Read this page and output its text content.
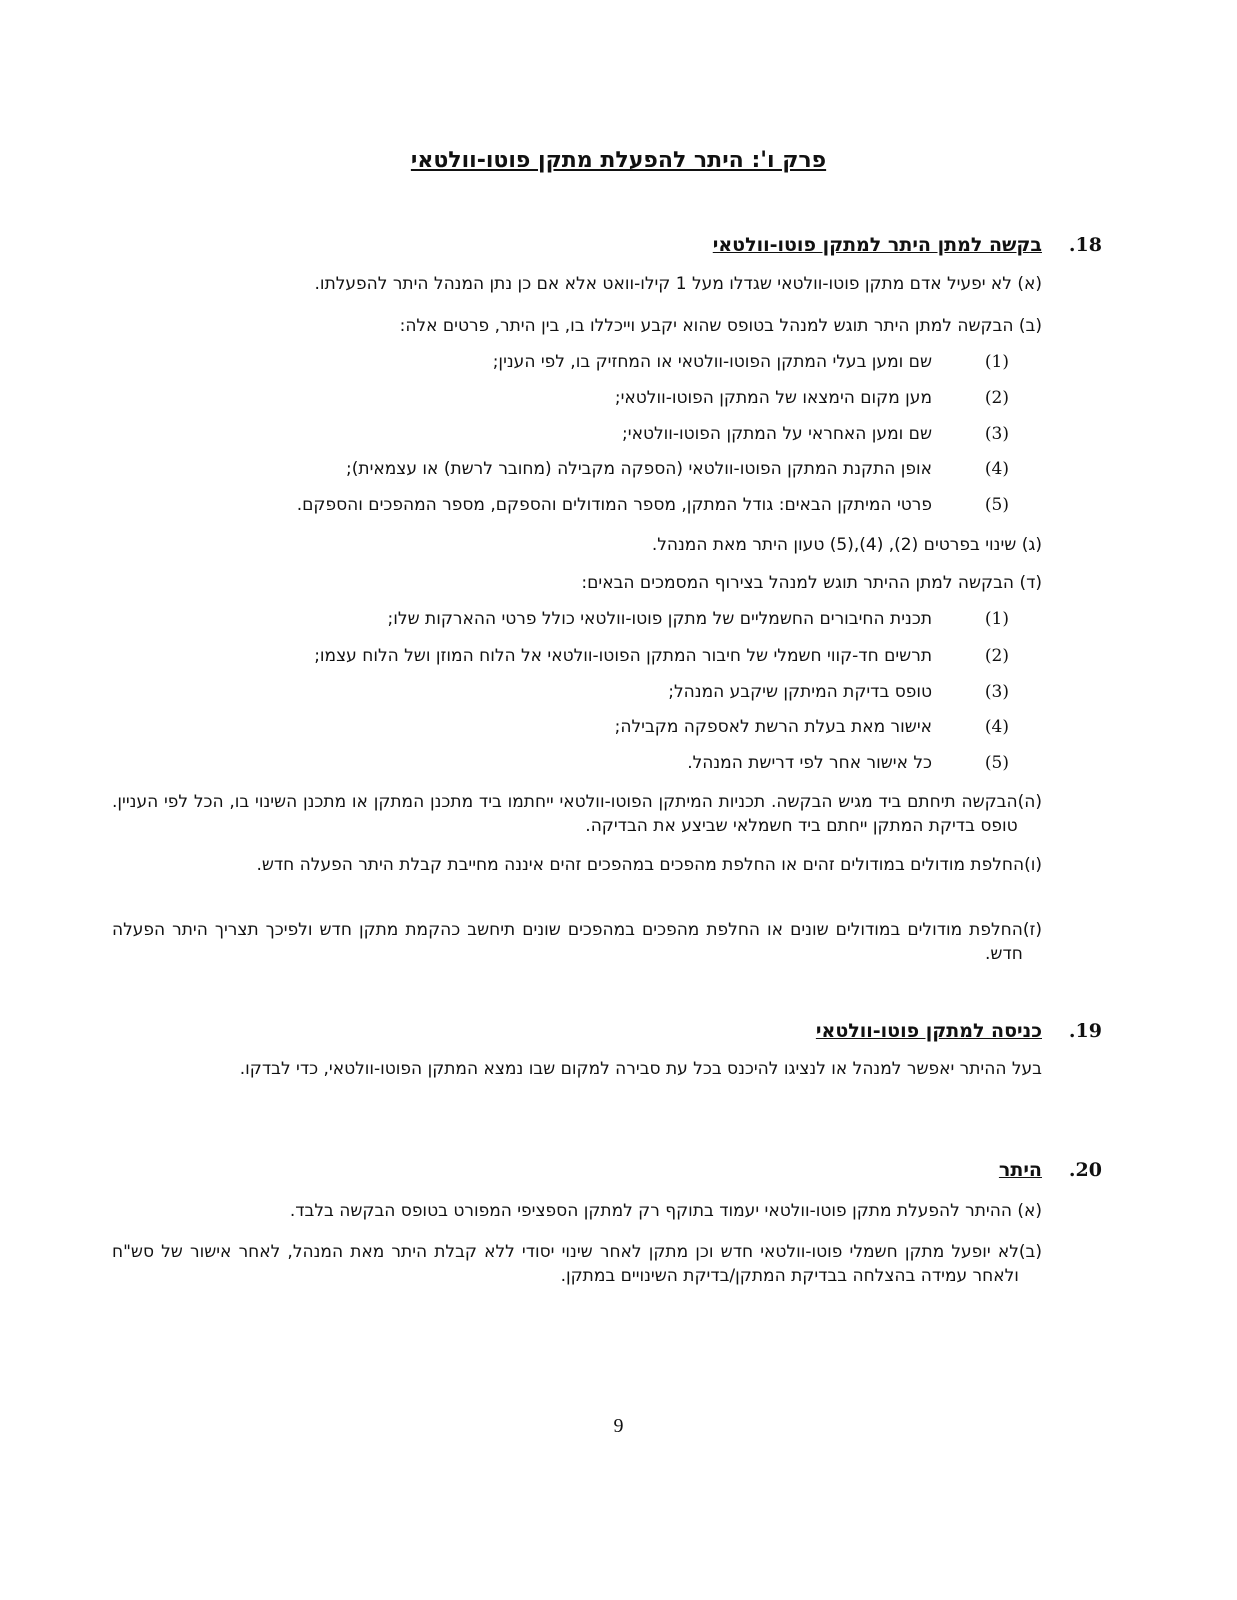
פרק ו': היתר להפעלת מתקן פוטו-וולטאי
18.
בקשה למתן היתר למתקן פוטו-וולטאי
(א) לא יפעיל אדם מתקן פוטו-וולטאי שגדלו מעל 1 קילו-וואט אלא אם כן נתן המנהל היתר להפעלתו.
(ב) הבקשה למתן היתר תוגש למנהל בטופס שהוא יקבע וייכללו בו, בין היתר, פרטים אלה:
(1)
שם ומען בעלי המתקן הפוטו-וולטאי או המחזיק בו, לפי הענין;
(2)
מען מקום הימצאו של המתקן הפוטו-וולטאי;
(3)
שם ומען האחראי על המתקן הפוטו-וולטאי;
(4)
אופן התקנת המתקן הפוטו-וולטאי (הספקה מקבילה (מחובר לרשת) או עצמאית);
(5)
פרטי המיתקן הבאים: גודל המתקן, מספר המודולים והספקם, מספר המהפכים והספקם.
(ג) שינוי בפרטים (2), (4),(5) טעון היתר מאת המנהל.
(ד) הבקשה למתן ההיתר תוגש למנהל בצירוף המסמכים הבאים:
(1)
תכנית החיבורים החשמליים של מתקן פוטו-וולטאי כולל פרטי ההארקות שלו;
(2)
תרשים חד-קווי חשמלי של חיבור המתקן הפוטו-וולטאי אל הלוח המוזן ושל הלוח עצמו;
(3)
טופס בדיקת המיתקן שיקבע המנהל;
(4)
אישור מאת בעלת הרשת לאספקה מקבילה;
(5)
כל אישור אחר לפי דרישת המנהל.
(ה)
הבקשה תיחתם ביד מגיש הבקשה. תכניות המיתקן הפוטו-וולטאי ייחתמו ביד מתכנן המתקן או מתכנן השינוי בו, הכל לפי העניין. טופס בדיקת המתקן ייחתם ביד חשמלאי שביצע את הבדיקה.
(ו)
החלפת מודולים במודולים זהים או החלפת מהפכים במהפכים זהים איננה מחייבת קבלת היתר הפעלה חדש.
(ז)
החלפת מודולים במודולים שונים או החלפת מהפכים במהפכים שונים תיחשב כהקמת מתקן חדש ולפיכך תצריך היתר הפעלה חדש.
19.
כניסה למתקן פוטו-וולטאי
בעל ההיתר יאפשר למנהל או לנציגו להיכנס בכל עת סבירה למקום שבו נמצא המתקן הפוטו-וולטאי, כדי לבדקו.
20.
היתר
(א) ההיתר להפעלת מתקן פוטו-וולטאי יעמוד בתוקף רק למתקן הספציפי המפורט בטופס הבקשה בלבד.
(ב)
לא יופעל מתקן חשמלי פוטו-וולטאי חדש וכן מתקן לאחר שינוי יסודי ללא קבלת היתר מאת המנהל, לאחר אישור של סש"ח ולאחר עמידה בהצלחה בבדיקת המתקן/בדיקת השינויים במתקן.
9
